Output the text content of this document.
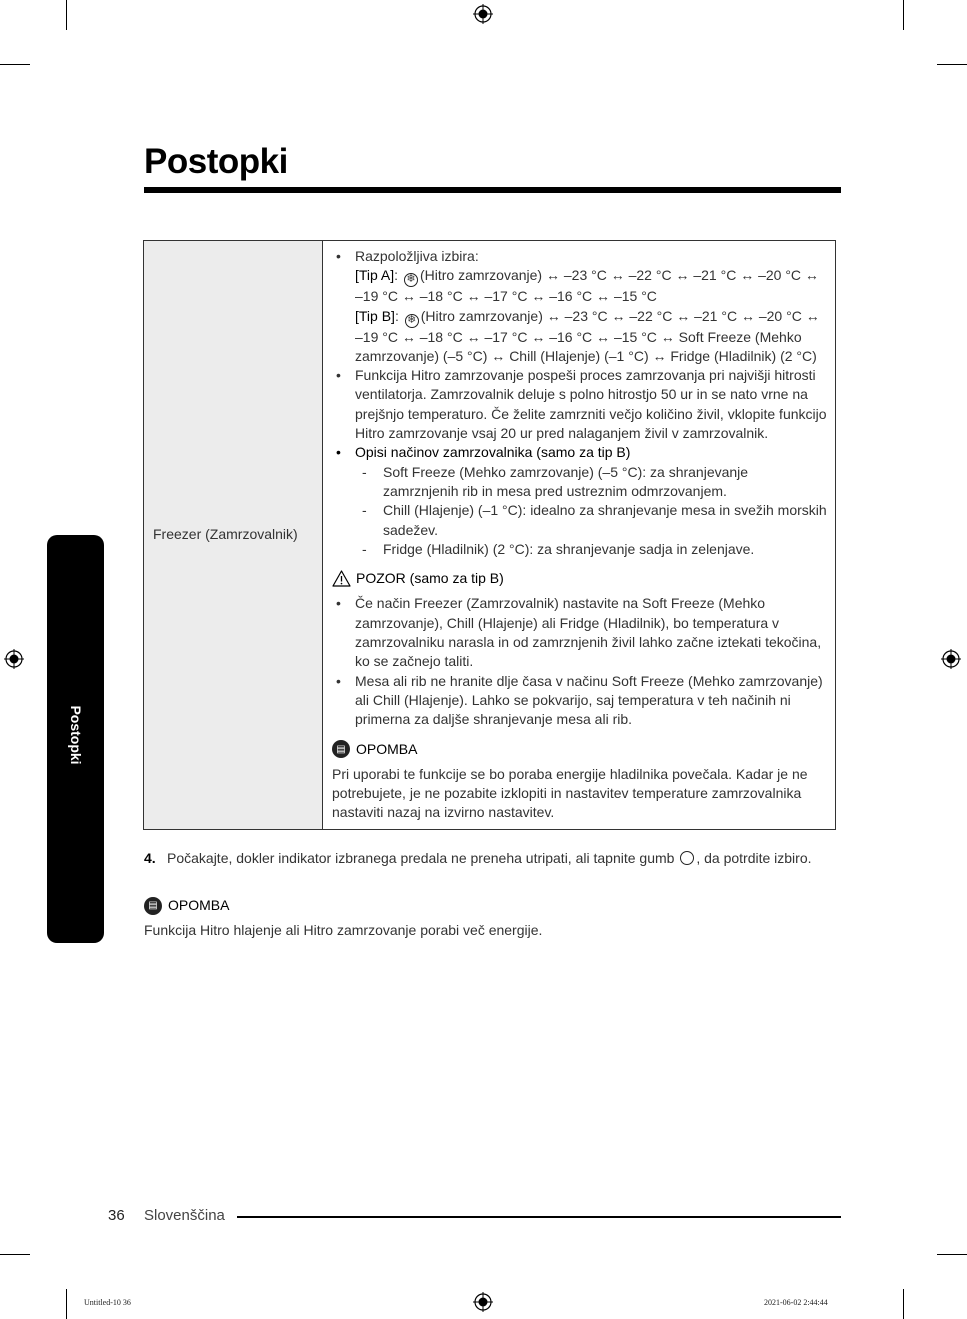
Postopki
Postopki
Freezer (Zamrzovalnik)	
• Razpoložljiva izbira:
[Tip A]: ❄ (Hitro zamrzovanje) ↔ –23 °C ↔ –22 °C ↔ –21 °C ↔ –20 °C ↔ –19 °C ↔ –18 °C ↔ –17 °C ↔ –16 °C ↔ –15 °C
[Tip B]: ❄ (Hitro zamrzovanje) ↔ –23 °C ↔ –22 °C ↔ –21 °C ↔ –20 °C ↔ –19 °C ↔ –18 °C ↔ –17 °C ↔ –16 °C ↔ –15 °C ↔ Soft Freeze (Mehko zamrzovanje) (–5 °C) ↔ Chill (Hlajenje) (–1 °C) ↔ Fridge (Hladilnik) (2 °C)
• Funkcija Hitro zamrzovanje pospeši proces zamrzovanja pri najvišji hitrosti ventilatorja. Zamrzovalnik deluje s polno hitrostjo 50 ur in se nato vrne na prejšnjo temperaturo. Če želite zamrzniti večjo količino živil, vklopite funkcijo Hitro zamrzovanje vsaj 20 ur pred nalaganjem živil v zamrzovalnik.
• Opisi načinov zamrzovalnika (samo za tip B)
- Soft Freeze (Mehko zamrzovanje) (–5 °C): za shranjevanje zamrznjenih rib in mesa pred ustreznim odmrzovanjem.
- Chill (Hlajenje) (–1 °C): idealno za shranjevanje mesa in svežih morskih sadežev.
- Fridge (Hladilnik) (2 °C): za shranjevanje sadja in zelenjave.
POZOR (samo za tip B)
• Če način Freezer (Zamrzovalnik) nastavite na Soft Freeze (Mehko zamrzovanje), Chill (Hlajenje) ali Fridge (Hladilnik), bo temperatura v zamrzovalniku narasla in od zamrznjenih živil lahko začne iztekati tekočina, ko se začnejo taliti.
• Mesa ali rib ne hranite dlje časa v načinu Soft Freeze (Mehko zamrzovanje) ali Chill (Hlajenje). Lahko se pokvarijo, saj temperatura v teh načinih ni primerna za daljše shranjevanje mesa ali rib.
▤ OPOMBA
Pri uporabi te funkcije se bo poraba energije hladilnika povečala. Kadar je ne potrebujete, je ne pozabite izklopiti in nastavitev temperature zamrzovalnika nastaviti nazaj na izvirno nastavitev.
4. Počakajte, dokler indikator izbranega predala ne preneha utripati, ali tapnite gumb , da potrdite izbiro.
▤ OPOMBA
Funkcija Hitro hlajenje ali Hitro zamrzovanje porabi več energije.
36 Slovenščina
Untitled-10 36	2021-06-02 2:44:44
